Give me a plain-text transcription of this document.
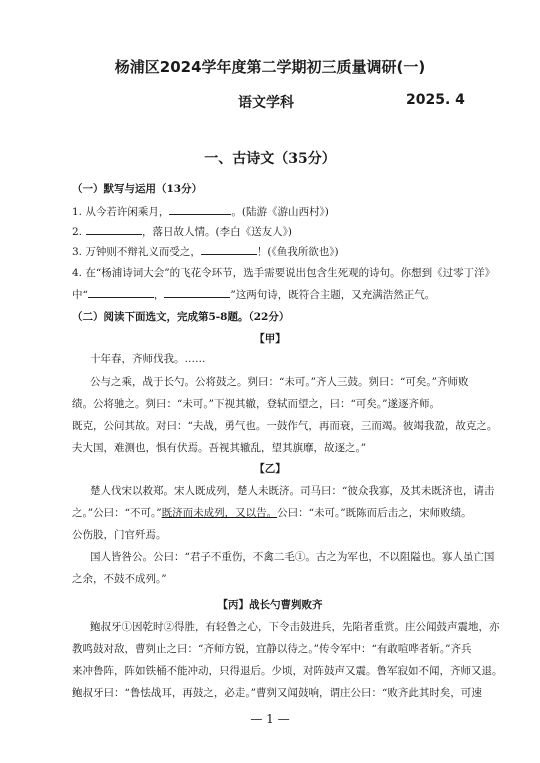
杨浦区2024学年度第二学期初三质量调研(一)
语文学科	2025. 4
一、古诗文（35分）
（一）默写与运用（13分）
1. 从今若许闲乘月，	。(陆游《游山西村》)
2.	，落日故人情。(李白《送友人》)
3. 万钟则不辩礼义而受之，	！(《鱼我所欲也》)
4. 在“杨浦诗词大会”的飞花令环节，选手需要说出包含生死观的诗句。你想到《过零丁洋》
中“	，	”这两句诗，既符合主题，又充满浩然正气。
（二）阅读下面选文，完成第5-8题。（22分）
【甲】
十年春，齐师伐我。……
公与之乘，战于长勺。公将鼓之。刿曰：“未可。”齐人三鼓。刿曰：“可矣。”齐师败
绩。公将驰之。刿曰：“未可。”下视其辙，登轼而望之，曰：“可矣。”遂逐齐师。
既克，公问其故。对曰：“夫战，勇气也。一鼓作气，再而衰，三而竭。彼竭我盈，故克之。
夫大国，难测也，惧有伏焉。吾视其辙乱，望其旗靡，故逐之。”
【乙】
楚人伐宋以救郑。宋人既成列，楚人未既济。司马曰：“彼众我寡，及其未既济也，请击
之。”公曰：“不可。”既济而未成列，又以告。公曰：“未可。”既陈而后击之，宋师败绩。
公伤股，门官歼焉。
国人皆咎公。公曰：“君子不重伤，不禽二毛①。古之为军也，不以阻隘也。寡人虽亡国
之余，不鼓不成列。”
【丙】战长勺曹刿败齐
鲍叔牙①因乾时②得胜，有轻鲁之心，下令击鼓进兵，先陷者重赏。庄公闻鼓声震地，亦
教鸣鼓对敌，曹刿止之曰：“齐师方锐，宜静以待之。”传令军中：“有敢喧哗者斩。”齐兵
来冲鲁阵，阵如铁桶不能冲动，只得退后。少顷，对阵鼓声又震。鲁军寂如不闻，齐师又退。
鲍叔牙曰：“鲁怯战耳，再鼓之，必走。”曹刿又闻鼓响，谓庄公曰：“败齐此其时矣，可速
— 1 —
